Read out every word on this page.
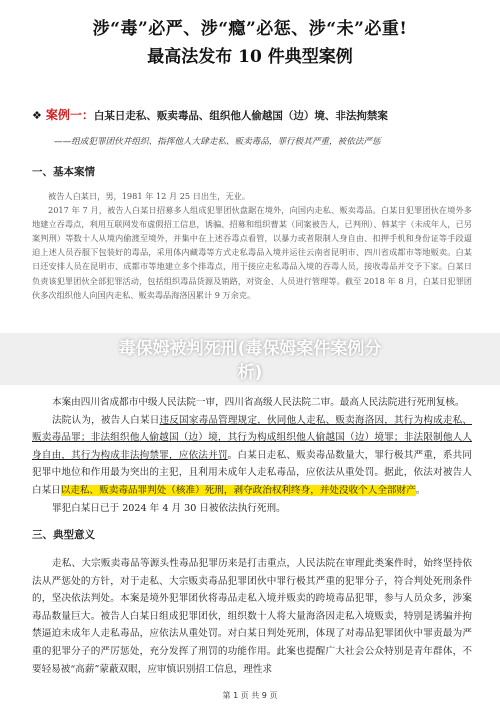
涉“毒”必严、涉“瘾”必惩、涉“未”必重!
最高法发布 10 件典型案例
❖ 案例一：白某日走私、贩卖毒品、组织他人偷越国（边）境、非法拘禁案
——组成犯罪团伙并组织、指挥他人大肆走私、贩卖毒品，罪行极其严重，被依法严惩
一、基本案情

被告人白某日，男，1981 年 12 月 25 日出生，无业。

2017 年 7 月，被告人白某日招募多人组成犯罪团伙盘踞在境外，向国内走私、贩卖毒品。白某日犯罪团伙在境外多地建立吞毒点，利用互联网发布虚假招工信息，诱骗、招募和组织曹某（同案被告人，已判刑）、韩某宇（未成年人，已另案判刑）等数十人从境内偷渡至境外，并集中在上述吞毒点看管，以暴力或者限制人身自由、扣押手机和身份证等手段逼迫上述人员吞服下包装好的毒品，采用体内藏毒等方式走私毒品入境并运往云南省昆明市、四川省成都市等地贩卖。白某日还安排人员在昆明市、成都市等地建立多个排毒点，用于接应走私毒品入境的吞毒人员，接收毒品并交予下家。白某日负责该犯罪团伙全部犯罪活动，包括组织毒品货源及销路，对资金、人员进行管理等。截至 2018 年 8 月，白某日犯罪团伙多次组织他人向国内走私、贩卖毒品海洛因累计 9 万余克。

毒保姆被判死刑(毒保姆案件案例分
析)

本案由四川省成都市中级人民法院一审，四川省高级人民法院二审。最高人民法院进行死刑复核。

法院认为，被告人白某日违反国家毒品管理规定，伙同他人走私、贩卖海洛因，其行为构成走私、贩卖毒品罪；非法组织他人偷越国（边）境，其行为构成组织他人偷越国（边）境罪；非法限制他人人身自由，其行为构成非法拘禁罪，应依法并罚。白某日走私、贩卖毒品数量大，罪行极其严重，系共同犯罪中地位和作用最为突出的主犯，且利用未成年人走私毒品，应依法从重处罚。据此，依法对被告人白某日以走私、贩卖毒品罪判处（核准）死刑，剥夺政治权利终身，并处没收个人全部财产。

罪犯白某日已于 2024 年 4 月 30 日被依法执行死刑。

三、典型意义

走私、大宗贩卖毒品等源头性毒品犯罪历来是打击重点，人民法院在审理此类案件时，始终坚持依法从严惩处的方针，对于走私、大宗贩卖毒品犯罪团伙中罪行极其严重的犯罪分子，符合判处死刑条件的，坚决依法判处。本案是境外犯罪团伙将毒品走私入境并贩卖的跨境毒品犯罪，参与人员众多，涉案毒品数量巨大。被告人白某日组成犯罪团伙，组织数十人将大量海洛因走私入境贩卖，特别是诱骗并拘禁逼迫未成年人走私毒品，应依法从重处罚。对白某日判处死刑，体现了对毒品犯罪团伙中罪责最为严重的犯罪分子的严厉惩处，充分发挥了刑罚的功能作用。此案也提醒广大社会公众特别是青年群体，不要轻易被“高薪”蒙蔽双眼，应审慎识别招工信息，理性求

第 1 页 共 9 页
